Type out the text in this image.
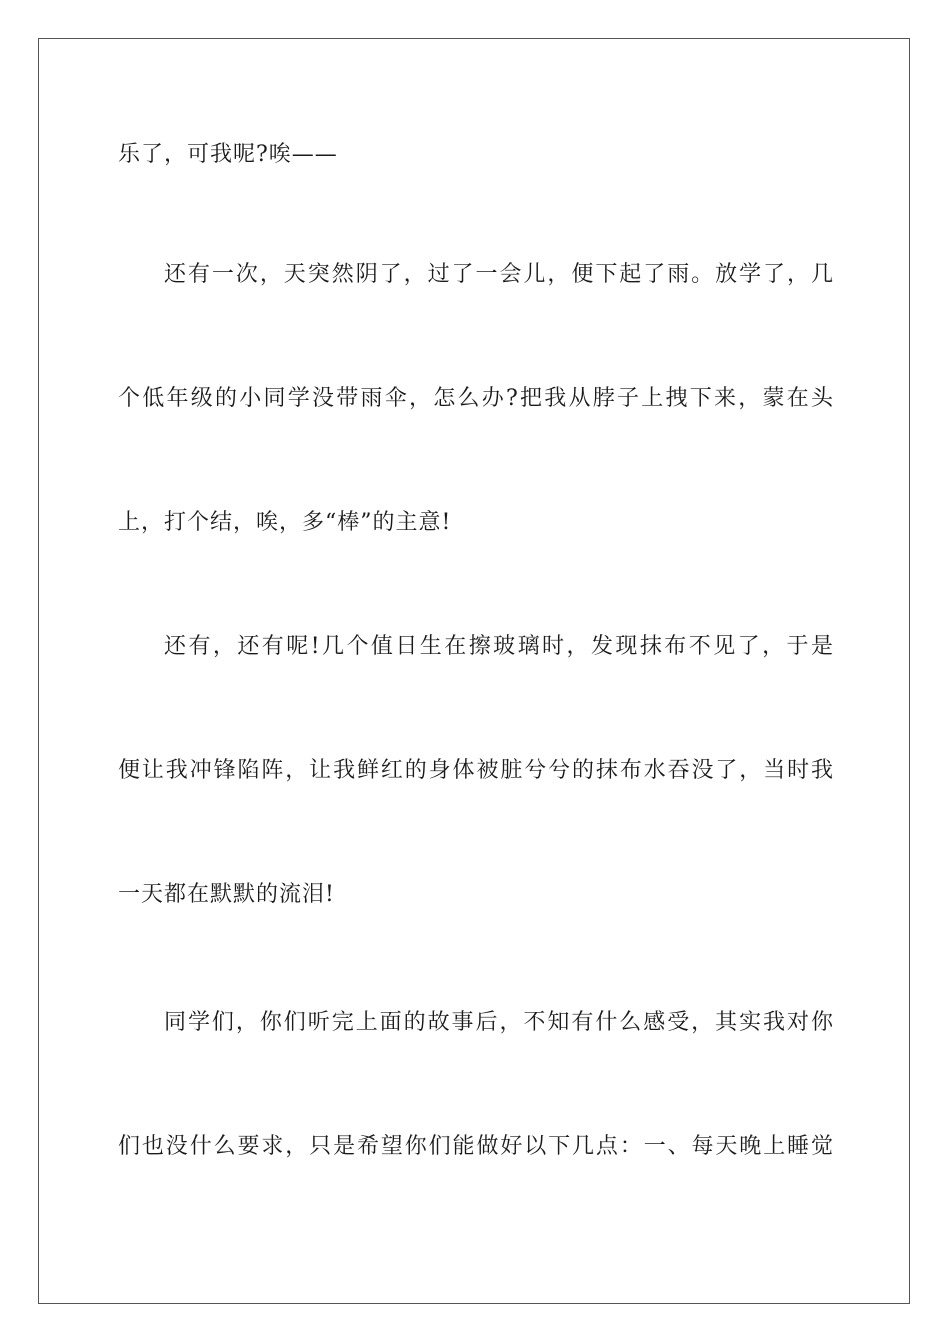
乐了，可我呢?唉——
还有一次，天突然阴了，过了一会儿，便下起了雨。放学了，几
个低年级的小同学没带雨伞，怎么办?把我从脖子上拽下来，蒙在头
上，打个结，唉，多“棒”的主意!
还有，还有呢!几个值日生在擦玻璃时，发现抹布不见了，于是
便让我冲锋陷阵，让我鲜红的身体被脏兮兮的抹布水吞没了，当时我
一天都在默默的流泪!
同学们，你们听完上面的故事后，不知有什么感受，其实我对你
们也没什么要求，只是希望你们能做好以下几点：一、每天晚上睡觉
